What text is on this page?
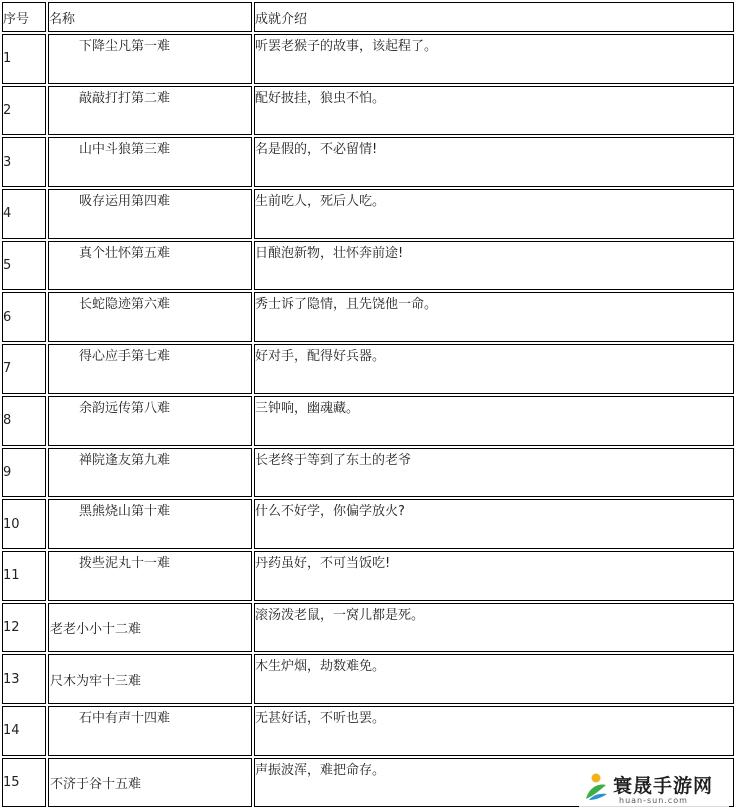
序号	名称	成就介绍
1	下降尘凡第一难	听罢老猴子的故事，该起程了。
2	敲敲打打第二难	配好披挂，狼虫不怕。
3	山中斗狼第三难	名是假的，不必留情!
4	吸存运用第四难	生前吃人，死后人吃。
5	真个壮怀第五难	日酿泡新物，壮怀奔前途!
6	长蛇隐迹第六难	秀士诉了隐情，且先饶他一命。
7	得心应手第七难	好对手，配得好兵器。
8	余韵远传第八难	三钟响，幽魂藏。
9	禅院逢友第九难	长老终于等到了东土的老爷
10	黑熊烧山第十难	什么不好学，你偏学放火?
11	拨些泥丸十一难	丹药虽好，不可当饭吃!
12	老老小小十二难	滚汤泼老鼠，一窝儿都是死。
13	尺木为牢十三难	木生炉烟，劫数难免。
14	石中有声十四难	无甚好话，不听也罢。
15	不济于谷十五难	声振波浑，难把命存。
寰晟手游网
huan-sun.com
